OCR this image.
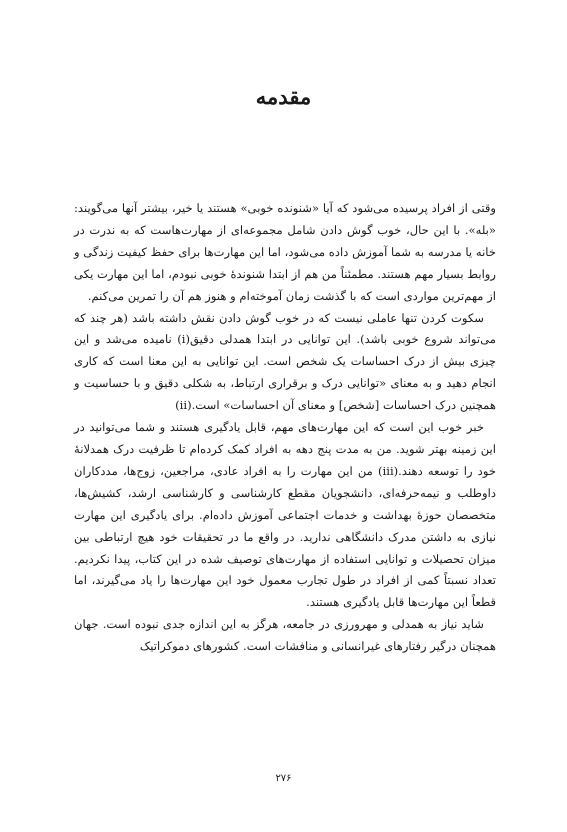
مقدمه

وقتی از افراد پرسیده می‌شود که آیا «شنونده خوبی» هستند یا خیر، بیشتر آنها می‌گویند: «بله». با این حال، خوب گوش دادن شامل مجموعه‌ای از مهارت‌هاست که به ندرت در خانه یا مدرسه به شما آموزش داده می‌شود، اما این مهارت‌ها برای حفظ کیفیت زندگی و روابط بسیار مهم هستند. مطمئناً من هم از ابتدا شنوندهٔ خوبی نبودم، اما این مهارت یکی از مهم‌ترین مواردی است که با گذشت زمان آموخته‌ام و هنوز هم آن را تمرین می‌کنم.

سکوت کردن تنها عاملی نیست که در خوب گوش دادن نقش داشته باشد (هر چند که می‌تواند شروع خوبی باشد). این توانایی در ابتدا همدلی دقیق(i) نامیده می‌شد و این چیزی بیش از درک احساسات یک شخص است. این توانایی به این معنا است که کاری انجام دهید و به معنای «توانایی درک و برقراری ارتباط، به شکلی دقیق و با حساسیت و همچنین درک احساسات [شخص] و معنای آن احساسات» است.(ii)

خبر خوب این است که این مهارت‌های مهم، قابل یادگیری هستند و شما می‌توانید در این زمینه بهتر شوید. من به مدت پنج دهه به افراد کمک کرده‌ام تا ظرفیت درک همدلانهٔ خود را توسعه دهند.(iii) من این مهارت را به افراد عادی، مراجعین، زوج‌ها، مددکاران داوطلب و نیمه‌حرفه‌ای، دانشجویان مقطع کارشناسی و کارشناسی ارشد، کشیش‌ها، متخصصان حوزهٔ بهداشت و خدمات اجتماعی آموزش داده‌ام. برای یادگیری این مهارت نیازی به داشتن مدرک دانشگاهی ندارید. در واقع ما در تحقیقات خود هیچ ارتباطی بین میزان تحصیلات و توانایی استفاده از مهارت‌های توصیف شده در این کتاب، پیدا نکردیم. تعداد نسبتاً کمی از افراد در طول تجارب معمول خود این مهارت‌ها را یاد می‌گیرند، اما قطعاً این مهارت‌ها قابل یادگیری هستند.

شاید نیاز به همدلی و مهرورزی در جامعه، هرگز به این اندازه جدی نبوده است. جهان همچنان درگیر رفتارهای غیرانسانی و منافشات است. کشورهای دموکراتیک

۲۷۶
